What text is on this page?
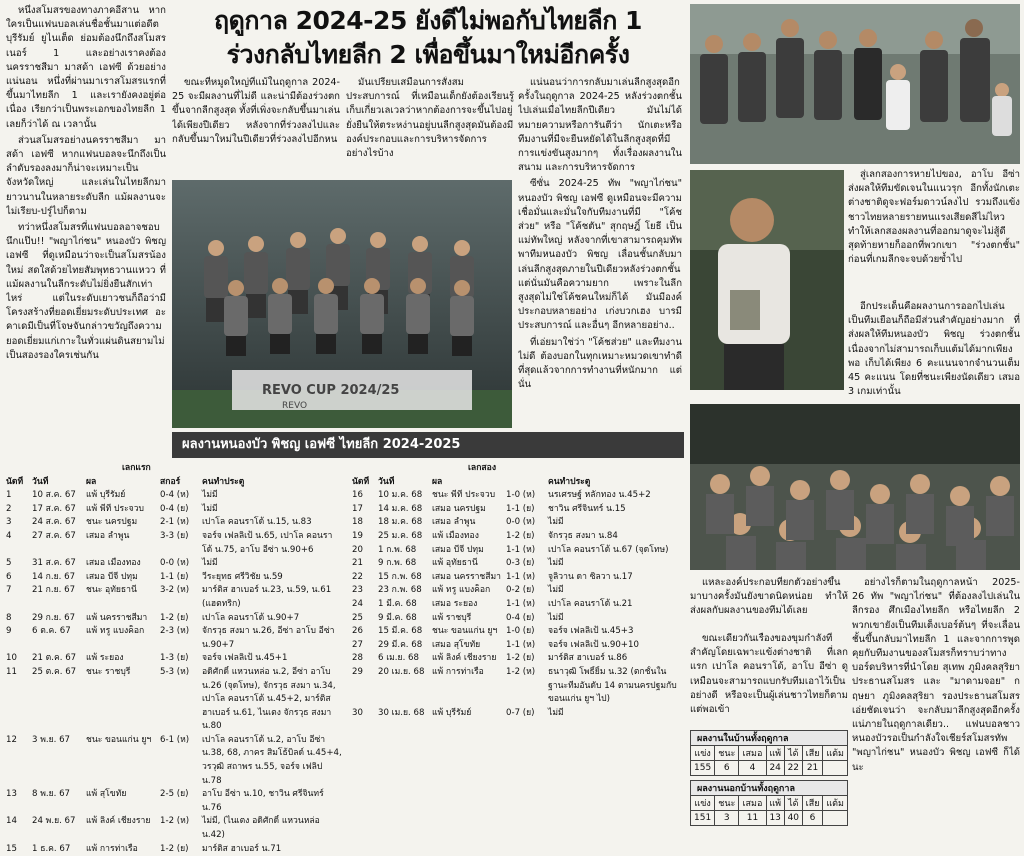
หนึ่งสโมสรของทางภาคอีสาน หากใครเป็นแฟนบอลเล่นชื่อชั้นมาแต่อดีต บุรีรัมย์ ยูไนเต็ด ย่อมต้องนึกถึงสโมสรเนอร์ 1 และอย่างเราคงต้องนครราชสีมา มาสด้า เอฟซี ด้วยอย่างแน่นอน หนึ่งที่ผ่านมาเราสโมสรแรกที่ขึ้นมาไทยลีก 1 และเรายังคงอยู่ต่อเนื่อง เรียกว่าเป็นพระเอกของไทยลีก 1 เลยก็ว่าได้ ณ เวลานั้น

ส่วนสโมสรอย่างนครราชสีมา มาสด้า เอฟซี หากแฟนบอลจะนึกถึงเป็นลำดับรองลงมาก็น่าจะเหมาะเป็นจังหวัดใหญ่ และเล่นในไทยลีกมายาวนานในหลายระดับลีก แม้ผลงานจะไม่เรียบ-ปรู๋ไปก็ตาม

ทว่าหนึ่งสโมสรที่แฟนบอลอาจชอบนึกแป๊บ!! "พญาไก่ชน" หนองบัว พิชญ เอฟซี ที่ดูเหมือนว่าจะเป็นสโมสรน้องใหม่ สดใสด้วยไทยสัมพุทธวานแหวว ที่แม้ผลงานในลีกระดับไม่ยิ่งยืนสักเท่าไหร่ แต่ในระดับเยาวชนก็ถือว่ามีโครงสร้างที่ยอดเยี่ยมระดับประเทศ อะคาเดมีเป็นที่โจษจันกล่าวขวัญถึงความยอดเยี่ยมแก่เกาะในทั่วแผ่นดินสยามไม่เป็นสองรองใครเช่นกัน

ฤดูกาล 2024-25 ยังดีไม่พอกับไทยลีก 1
ร่วงกลับไทยลีก 2 เพื่อขึ้นมาใหม่อีกครั้ง

ขณะที่หมูดใหญ่ที่แม้ในฤดูกาล 2024-25 จะมีผลงานที่ไม่ดี และน่ามีต้องร่วงตกขึ้นจากลีกสูงสุด ทั้งที่เพิ่งจะกลับขึ้นมาเล่นได้เพียงปีเดียว หลังจากที่ร่วงลงไปและกลับขึ้นมาใหม่ในปีเดียวที่ร่วงลงไปอีกหน

มันเปรียบเสมือนการสั่งสมประสบการณ์ ที่เหมือนเด็กยังต้องเรียนรู้เก็บเกี่ยวเลเวลว่าหากต้องการจะขึ้นไปอยู่ยั่งยืนให้ตระหง่านอยู่บนลีกสูงสุดมันต้องมีองค์ประกอบและการบริหารจัดการอย่างไรบ้าง

REVO CUP 2024/25
REVO

แน่นอนว่าการกลับมาเล่นลีกสูงสุดอีกครั้งในฤดูกาล 2024-25 หลังร่วงตกชั้นไปเล่นเมื่อไทยลีกปีเดียว มันไม่ได้หมายความหรือการันตีว่า นักเตะหรือทีมงานที่มีจะยืนหยัดได้ในลีกสูงสุดที่มีการแข่งขันสูงมากๆ ทั้งเรื่องผลงานในสนาม และการบริหารจัดการ

ซีซั่น 2024-25 ทัพ "พญาไก่ชน" หนองบัว พิชญ เอฟซี ดูเหมือนจะมีความเชื่อมั่นและมั่นใจกับทีมงานที่มี "โค้ชส่วย" หรือ "โค้ชตัน" สุกฤษฎิ์ โยธี เป็นแม่ทัพใหญ่ หลังจากที่เขาสามารถคุมทัพพาทีมหนองบัว พิชญ เลื่อนชั้นกลับมาเล่นลีกสูงสุดภายในปีเดียวหลังร่วงตกชั้น แต่นั่นมันคือความยาก เพราะในลีกสูงสุดไม่ใช่โค้ชคนใหม่ก็ได้ มันมีองค์ประกอบหลายอย่าง เก่งบวกเฮง บารมีประสบการณ์ และอื่นๆ อีกหลายอย่าง..

ที่เอ่ยมาใช่ว่า "โค้ชส่วย" และทีมงานไม่ดี ต้องบอกในทุกเหมาะหมวดเขาทำดีที่สุดแล้วจากการทำงานที่หนักมาก แต่นั่น

สู่เลกสองการหายไปของ, อาโบ อีซ่า ส่งผลให้ทีมขัดเจนในแนวรุก อีกทั้งนักเตะต่างชาติดูจะฟอร์มดาวน์ลงไป รวมถึงแข้งชาวไทยหลายรายทนแรงเสียดสีไม่ไหวทำให้เลกสองผลงานที่ออกมาดูจะไม่สู้ดีสุดท้ายหายก็ออกที่พวกเขา "ร่วงตกชั้น" ก่อนที่เกมลีกจะจบด้วยซ้ำไป

อีกประเด็นคือผลงานการออกไปเล่นเป็นทีมเยือนก็ถือมีส่วนสำคัญอย่างมาก ที่ส่งผลให้ทีมหนองบัว พิชญ ร่วงตกชั้น เนื่องจากไม่สามารถเก็บแต้มได้มากเพียงพอ เก็บได้เพียง 6 คะแนนจากจำนวนเต็ม 45 คะแนน โดยที่ชนะเพียงนัดเดียว เสมอ 3 เกมเท่านั้น

แหละองค์ประกอบที่ยกตัวอย่างขึ้นมาบางครั้งมันยังขาดนิดหน่อย ทำให้ส่งผลกับผลงานของทีมได้เลย

ขณะเดียวกันเรื่องของขุมกำลังที่สำคัญโดยเฉพาะแข้งต่างชาติ ที่เลกแรก เปาโล คอนราโด้, อาโบ อีซ่า ดูเหมือนจะสามารถแบกรับทีมเอาไว้เป็นอย่างดี หรือจะเป็นผู้เล่นชาวไทยก็ตาม แต่พอเข้า

อย่างไรก็ตามในฤดูกาลหน้า 2025-26 ทัพ "พญาไก่ชน" ที่ต้องลงไปเล่นในลีกรอง ศึกเมืองไทยลีก หรือไทยลีก 2 พวกเขายังเป็นทีมเต็งเบอร์ต้นๆ ที่จะเลื่อนชั้นขึ้นกลับมาไทยลีก 1 และจากการพูดคุยกับทีมงานของสโมสรก็ทราบว่าทางบอร์ดบริหารที่นำโดย สุเทพ ภูมิงคลสุริยา ประธานสโมสร และ "มาดามจอย" กฤษยา ภูมิงคลสุริยา รองประธานสโมสร เอ่ยชัดเจนว่า จะกลับมาลีกสูงสุดอีกครั้งแน่ภายในฤดูกาลเดียว.. แฟนบอลชาวหนองบัวรอเป็นกำลังใจเชียร์สโมสรทัพ "พญาไก่ชน" หนองบัว พิชญ เอฟซี ก็ได้นะ

ผลงานในบ้านทั้งฤดูกาล						
แข่ง	ชนะ	เสมอ	แพ้	ได้	เสีย	แต้ม
155	6	4	24	22	21	
ผลงานนอกบ้านทั้งฤดูกาล						
แข่ง	ชนะ	เสมอ	แพ้	ได้	เสีย	แต้ม
151	3	11	13	40	6	
ผลงานหนองบัว พิชญ เอฟซี ไทยลีก 2024-2025
เลกแรก
นัดที่	วันที่	ผล	สกอร์	คนทำประตู
1	10 ส.ค. 67	แพ้ บุรีรัมย์	0-4 (ห)	ไม่มี
2	17 ส.ค. 67	แพ้ พีที ประจวบ	0-4 (ย)	ไม่มี
3	24 ส.ค. 67	ชนะ นครปฐม	2-1 (ห)	เปาโล คอนราโด้ น.15, น.83
4	27 ส.ค. 67	เสมอ ลำพูน	3-3 (ย)	จอร์จ เฟลลิเป้ น.65, เปาโล คอนราโด้ น.75, อาโบ อีซ่า น.90+6
5	31 ส.ค. 67	เสมอ เมืองทอง	0-0 (ห)	ไม่มี
6	14 ก.ย. 67	เสมอ บีจี ปทุม	1-1 (ย)	วีระยุทธ ศรีวิชัย น.59
7	21 ก.ย. 67	ชนะ อุทัยธานี	3-2 (ห)	มาร์ติส ฮาเบอร์ น.23, น.59, น.61 (แฮตทริก)
8	29 ก.ย. 67	แพ้ นครราชสีมา	1-2 (ย)	เปาโล คอนราโด้ น.90+7
9	6 ต.ค. 67	แพ้ ทรู แบงค็อก	2-3 (ห)	จักรวุธ สงมา น.26, อีซ่า อาโบ อีซ่า น.90+7
10	21 ต.ค. 67	แพ้ ระยอง	1-3 (ย)	จอร์จ เฟลลิเป้ น.45+1
11	25 ต.ค. 67	ชนะ ราชบุรี	5-3 (ห)	อดิศักดิ์ แหวนหล่อ น.2, อีซ่า อาโบ น.26 (จุดโทษ), จักรวุธ สงมา น.34, เปาโล คอนราโด้ น.45+2, มาร์ติส ฮาเบอร์ น.61, ไนเตง จักรวุธ สงมา น.80
12	3 พ.ย. 67	ชนะ ขอนแก่น ยูฯ	6-1 (ห)	เปาโล คอนราโด้ น.2, อาโบ อีซ่า น.38, 68, ภาคร สิมโธ้บิลด์ น.45+4, วรวุฒิ สถาพร น.55, จอร์จ เฟลิป น.78
13	8 พ.ย. 67	แพ้ สุโขทัย	2-5 (ย)	อาโบ อีซ่า น.10, ชาวิน ศรีจินทร์ น.76
14	24 พ.ย. 67	แพ้ ลิงค์ เชียงราย	1-2 (ห)	ไม่มี, (ไนเตง อดิศักดิ์ แหวนหล่อ น.42)
15	1 ธ.ค. 67	แพ้ การท่าเรือ	1-2 (ย)	มาร์ติส ฮาเบอร์ น.71
เลกสอง
นัดที่	วันที่	ผล		คนทำประตู
16	10 ม.ค. 68	ชนะ พีที ประจวบ	1-0 (ห)	นรเศรษฐ์ หลักทอง น.45+2
17	14 ม.ค. 68	เสมอ นครปฐม	1-1 (ย)	ชาวิน ศรีจินทร์ น.15
18	18 ม.ค. 68	เสมอ ลำพูน	0-0 (ห)	ไม่มี
19	25 ม.ค. 68	แพ้ เมืองทอง	1-2 (ย)	จักรวุธ สงมา น.84
20	1 ก.พ. 68	เสมอ บีจี ปทุม	1-1 (ห)	เปาโล คอนราโด้ น.67 (จุดโทษ)
21	9 ก.พ. 68	แพ้ อุทัยธานี	0-3 (ย)	ไม่มี
22	15 ก.พ. 68	เสมอ นครราชสีมา	1-1 (ห)	จูลิวาน ดา ซิลวา น.17
23	23 ก.พ. 68	แพ้ ทรู แบงค็อก	0-2 (ย)	ไม่มี
24	1 มี.ค. 68	เสมอ ระยอง	1-1 (ห)	เปาโล คอนราโด้ น.21
25	9 มี.ค. 68	แพ้ ราชบุรี	0-4 (ย)	ไม่มี
26	15 มี.ค. 68	ชนะ ขอนแก่น ยูฯ	1-0 (ย)	จอร์จ เฟลลิเป้ น.45+3
27	29 มี.ค. 68	เสมอ สุโขทัย	1-1 (ห)	จอร์จ เฟลลิเป้ น.90+10
28	6 เม.ย. 68	แพ้ ลิงค์ เชียงราย	1-2 (ย)	มาร์ติส ฮาเบอร์ น.86
29	20 เม.ย. 68	แพ้ การท่าเรือ	1-2 (ห)	ธนาวุฒิ โพธิ์ยิ้ม น.32 (ตกชั้นในฐานะทีมอันดับ 14 ตามนครปฐมกับขอนแก่น ยูฯ ไป)
30	30 เม.ย. 68	แพ้ บุรีรัมย์	0-7 (ย)	ไม่มี
